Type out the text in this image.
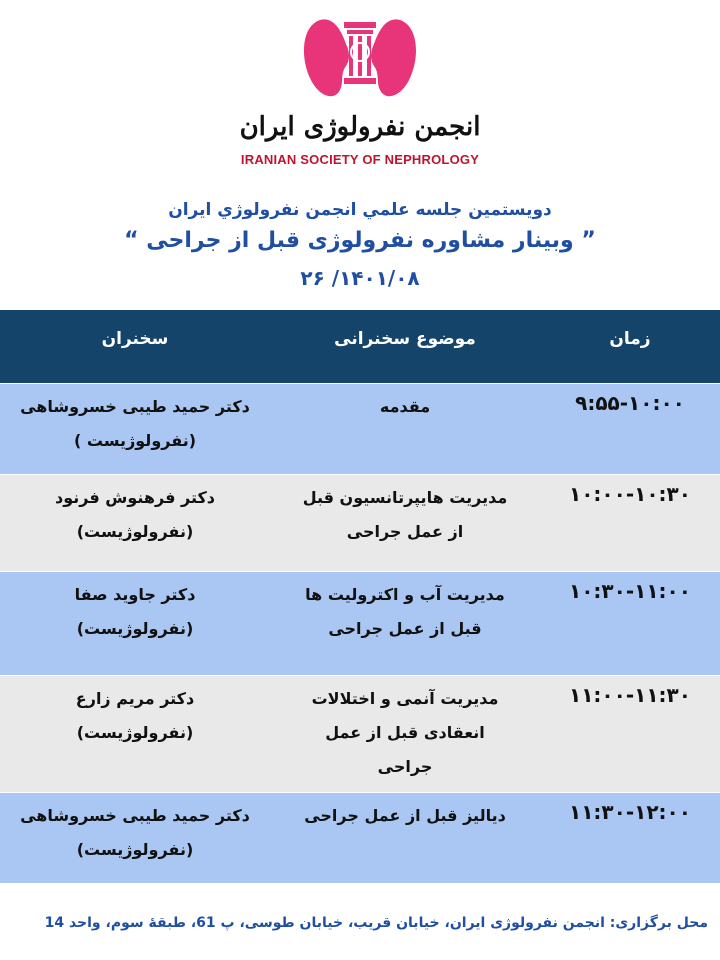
انجمن نفرولوژی ایران
IRANIAN SOCIETY OF NEPHROLOGY
دويستمين جلسه علمي انجمن نفرولوژي ايران
” وبينار مشاوره نفرولوژی قبل از جراحی “
۱۴۰۱/۰۸/ ۲۶
زمان
موضوع سخنرانی
سخنران
۹:۵۵-۱۰:۰۰
مقدمه
دکتر حمید طیبی خسروشاهی
(نفرولوژیست )
۱۰:۰۰-۱۰:۳۰
مدیریت هایپرتانسیون قبل
از عمل جراحی
دکتر فرهنوش فرنود
(نفرولوژیست)
۱۰:۳۰-۱۱:۰۰
مدیریت آب و اکترولیت ها
قبل از عمل جراحی
دکتر جاوید صفا
(نفرولوژیست)
۱۱:۰۰-۱۱:۳۰
مدیریت آنمی و اختلالات
انعقادی قبل از عمل
جراحی
دکتر مریم زارع
(نفرولوژیست)
۱۱:۳۰-۱۲:۰۰
دیالیز قبل از عمل جراحی
دکتر حمید طیبی خسروشاهی
(نفرولوژیست)
محل برگزاری: انجمن نفرولوژی ایران، خیابان قریب، خیابان طوسی، پ 61، طبقهٔ سوم، واحد 14
